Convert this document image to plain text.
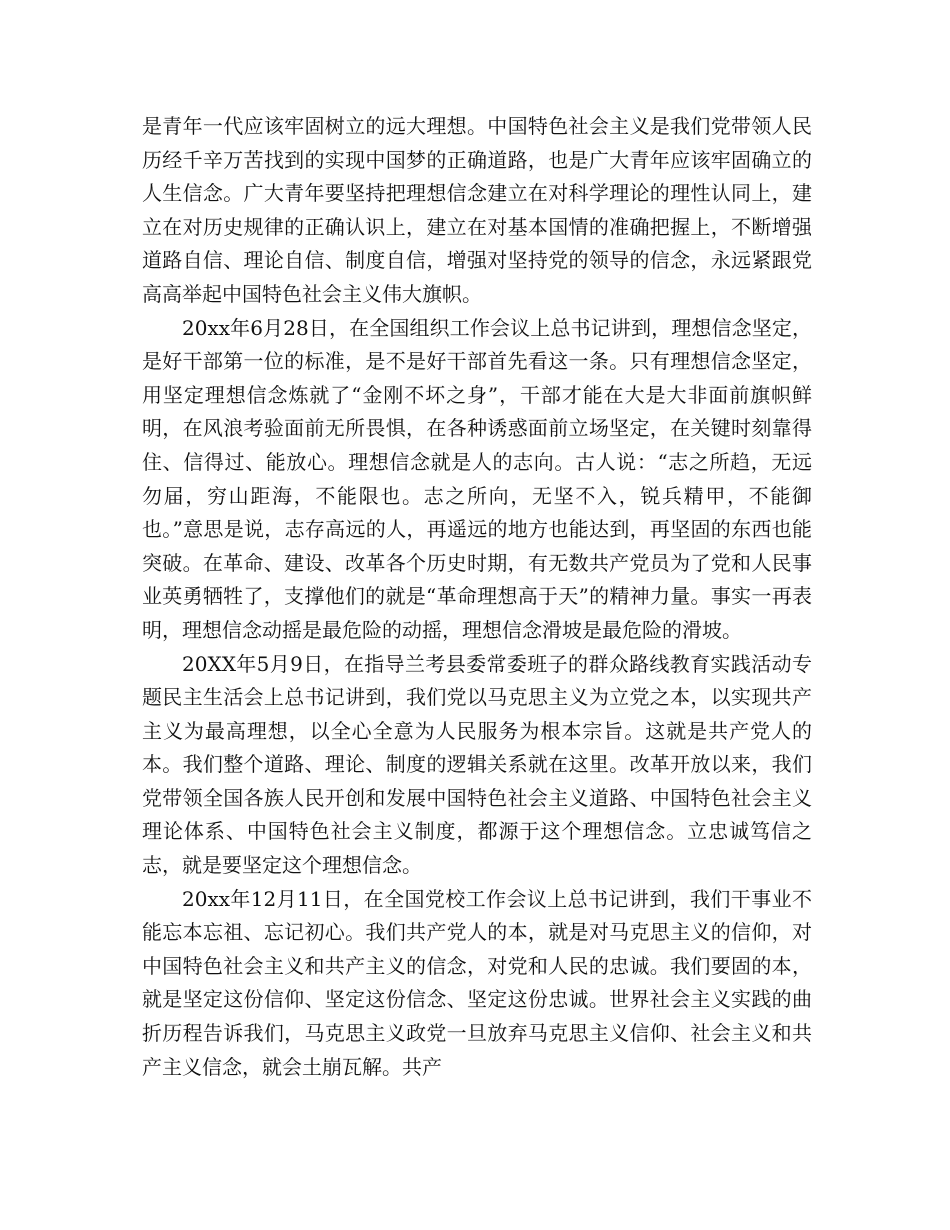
是青年一代应该牢固树立的远大理想。中国特色社会主义是我们党带领人民历经千辛万苦找到的实现中国梦的正确道路，也是广大青年应该牢固确立的人生信念。广大青年要坚持把理想信念建立在对科学理论的理性认同上，建立在对历史规律的正确认识上，建立在对基本国情的准确把握上，不断增强道路自信、理论自信、制度自信，增强对坚持党的领导的信念，永远紧跟党高高举起中国特色社会主义伟大旗帜。

20xx年6月28日，在全国组织工作会议上总书记讲到，理想信念坚定，是好干部第一位的标准，是不是好干部首先看这一条。只有理想信念坚定，用坚定理想信念炼就了“金刚不坏之身”，干部才能在大是大非面前旗帜鲜明，在风浪考验面前无所畏惧，在各种诱惑面前立场坚定，在关键时刻靠得住、信得过、能放心。理想信念就是人的志向。古人说：“志之所趋，无远勿届，穷山距海，不能限也。志之所向，无坚不入，锐兵精甲，不能御也。”意思是说，志存高远的人，再遥远的地方也能达到，再坚固的东西也能突破。在革命、建设、改革各个历史时期，有无数共产党员为了党和人民事业英勇牺牲了，支撑他们的就是“革命理想高于天”的精神力量。事实一再表明，理想信念动摇是最危险的动摇，理想信念滑坡是最危险的滑坡。

20XX年5月9日，在指导兰考县委常委班子的群众路线教育实践活动专题民主生活会上总书记讲到，我们党以马克思主义为立党之本，以实现共产主义为最高理想，以全心全意为人民服务为根本宗旨。这就是共产党人的本。我们整个道路、理论、制度的逻辑关系就在这里。改革开放以来，我们党带领全国各族人民开创和发展中国特色社会主义道路、中国特色社会主义理论体系、中国特色社会主义制度，都源于这个理想信念。立忠诚笃信之志，就是要坚定这个理想信念。

20xx年12月11日，在全国党校工作会议上总书记讲到，我们干事业不能忘本忘祖、忘记初心。我们共产党人的本，就是对马克思主义的信仰，对中国特色社会主义和共产主义的信念，对党和人民的忠诚。我们要固的本，就是坚定这份信仰、坚定这份信念、坚定这份忠诚。世界社会主义实践的曲折历程告诉我们，马克思主义政党一旦放弃马克思主义信仰、社会主义和共产主义信念，就会土崩瓦解。共产
